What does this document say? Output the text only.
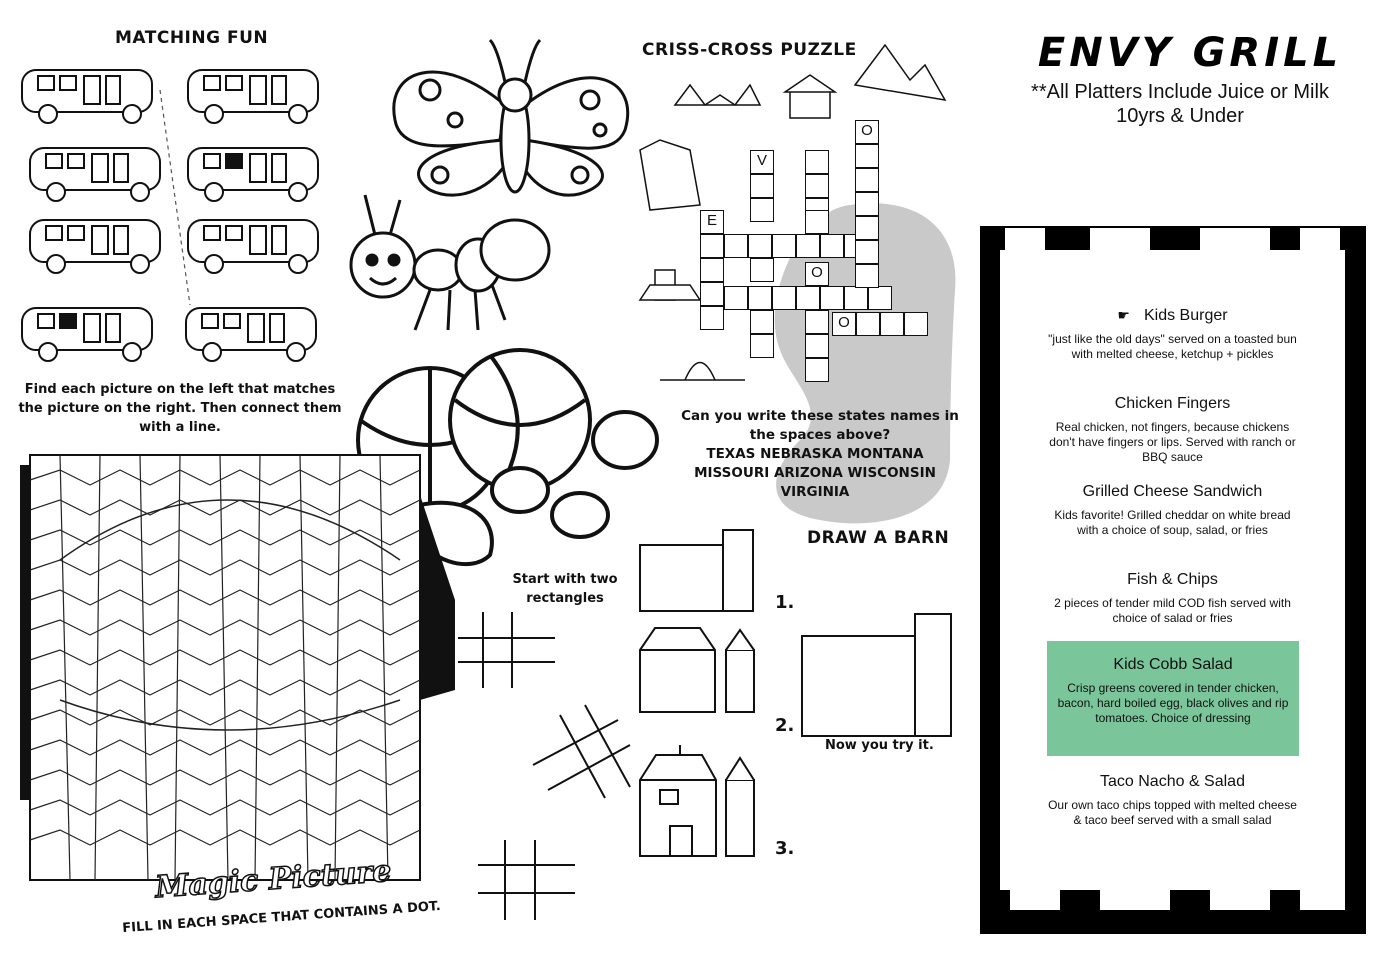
MATCHING FUN
Find each picture on the left that matches the picture on the right. Then connect them with a line.
CRISS-CROSS PUZZLE
V
O
E
O
O
Can you write these states names in the spaces above?
TEXAS NEBRASKA MONTANA
MISSOURI ARIZONA WISCONSIN
VIRGINIA
DRAW A BARN
Start with two rectangles	1.
2.
3.
Now you try it.
Magic Picture
FILL IN EACH SPACE THAT CONTAINS A DOT.
ENVY GRILL
**All Platters Include Juice or Milk
10yrs & Under
☛ Kids Burger
"just like the old days" served on a toasted bun with melted cheese, ketchup + pickles
Chicken Fingers
Real chicken, not fingers, because chickens don't have fingers or lips. Served with ranch or BBQ sauce
Grilled Cheese Sandwich
Kids favorite! Grilled cheddar on white bread with a choice of soup, salad, or fries
Fish & Chips
2 pieces of tender mild COD fish served with choice of salad or fries
Kids Cobb Salad
Crisp greens covered in tender chicken, bacon, hard boiled egg, black olives and rip tomatoes. Choice of dressing
Taco Nacho & Salad
Our own taco chips topped with melted cheese & taco beef served with a small salad
